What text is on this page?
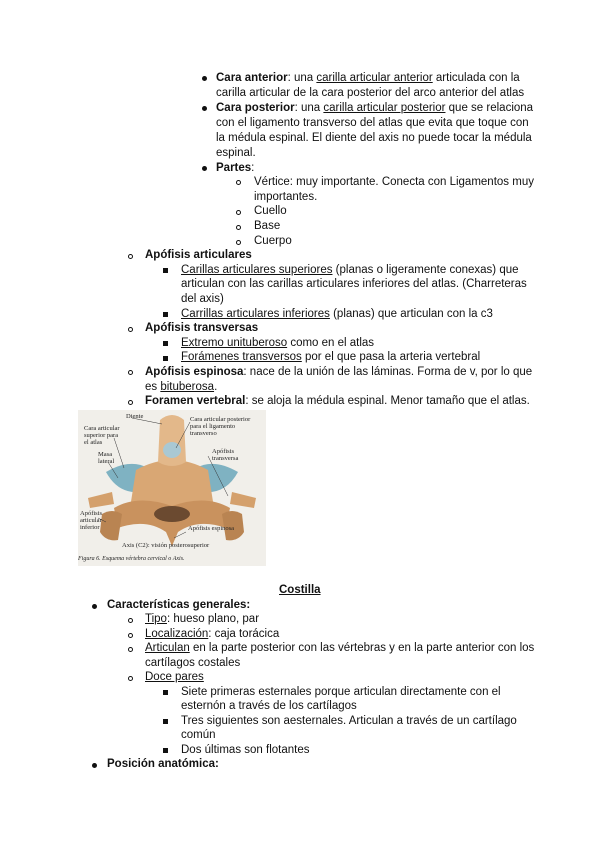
Cara anterior: una carilla articular anterior articulada con la
carilla articular de la cara posterior del arco anterior del atlas
Cara posterior: una carilla articular posterior que se relaciona
con el ligamento transverso del atlas que evita que toque con
la médula espinal. El diente del axis no puede tocar la médula
espinal.
Partes:
Vértice: muy importante. Conecta con Ligamentos muy
importantes.
Cuello
Base
Cuerpo
Apófisis articulares
Carillas articulares superiores (planas o ligeramente conexas) que
articulan con las carillas articulares inferiores del atlas. (Charreteras
del axis)
Carrillas articulares inferiores (planas) que articulan con la c3
Apófisis transversas
Extremo unituberoso como en el atlas
Forámenes transversos por el que pasa la arteria vertebral
Apófisis espinosa: nace de la unión de las láminas. Forma de v, por lo que
es bituberosa.
Foramen vertebral: se aloja la médula espinal. Menor tamaño que el atlas.
Diente
Cara articular
superior para
el atlas
Masa
lateral
Cara articular posterior
para el ligamento
transverso
Apófisis
transversa
Apófisis
articular
inferior	Apófisis espinosa
Axis (C2): visión posterosuperior
Figura 6. Esquema vértebra cervical o Axis.
Costilla
Características generales:
Tipo: hueso plano, par
Localización: caja torácica
Articulan en la parte posterior con las vértebras y en la parte anterior con los
cartílagos costales
Doce pares
Siete primeras esternales porque articulan directamente con el
esternón a través de los cartílagos
Tres siguientes son aesternales. Articulan a través de un cartílago
común
Dos últimas son flotantes
Posición anatómica:
